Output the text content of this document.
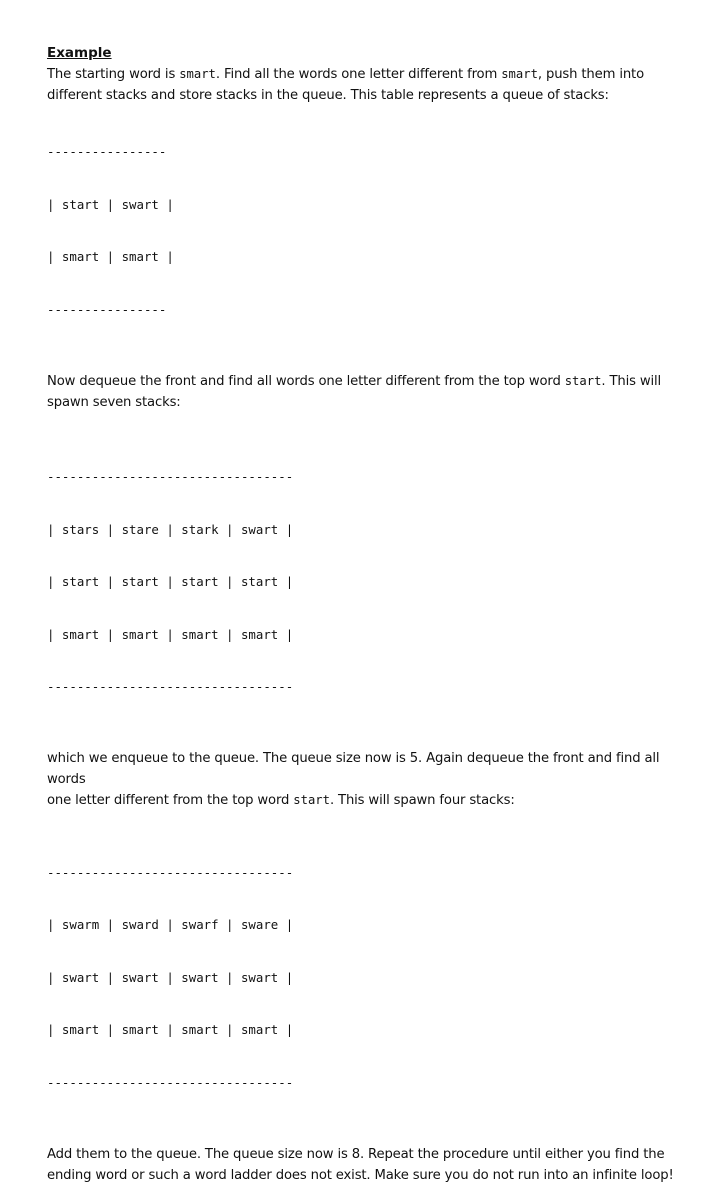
Example
The starting word is smart. Find all the words one letter different from smart, push them into
different stacks and store stacks in the queue. This table represents a queue of stacks:

----------------

| start | swart |

| smart | smart |

----------------

Now dequeue the front and find all words one letter different from the top word start. This will
spawn seven stacks:

---------------------------------

| stars | stare | stark | swart |

| start | start | start | start |

| smart | smart | smart | smart |

---------------------------------

which we enqueue to the queue. The queue size now is 5. Again dequeue the front and find all words
one letter different from the top word start. This will spawn four stacks:

---------------------------------

| swarm | sward | swarf | sware |

| swart | swart | swart | swart |

| smart | smart | smart | smart |

---------------------------------

Add them to the queue. The queue size now is 8. Repeat the procedure until either you find the
ending word or such a word ladder does not exist. Make sure you do not run into an infinite loop!
